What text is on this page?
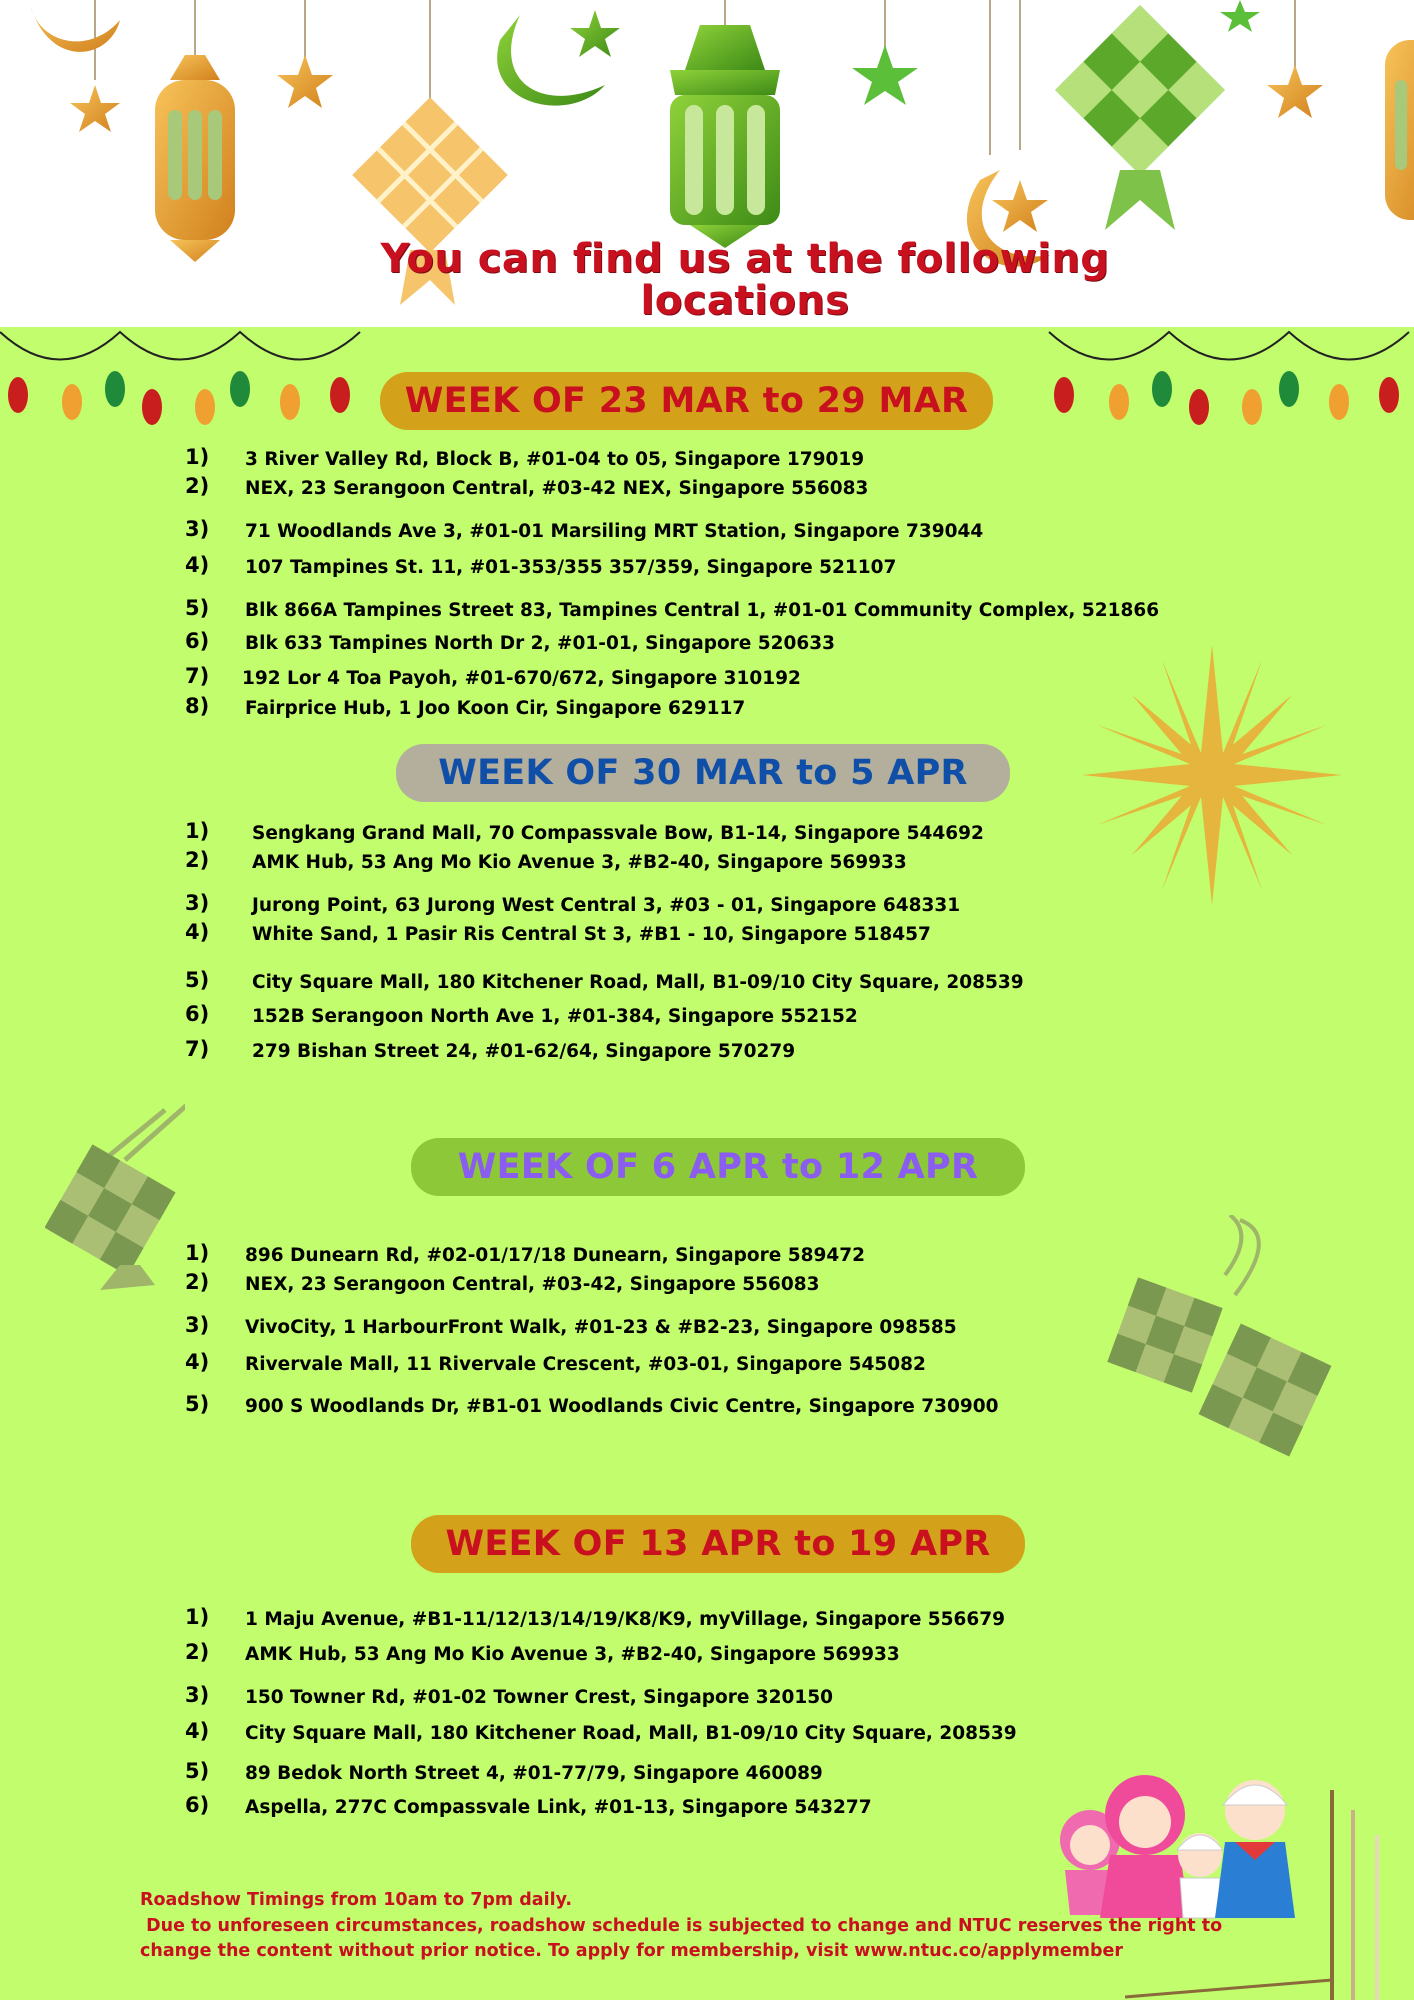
You can find us at the following locations
WEEK OF 23 MAR to 29 MAR
WEEK OF 30 MAR to 5 APR
WEEK OF 6 APR to 12 APR
WEEK OF 13 APR to 19 APR
1) 3 River Valley Rd, Block B, #01-04 to 05, Singapore 179019
2) NEX, 23 Serangoon Central, #03-42 NEX, Singapore 556083
3) 71 Woodlands Ave 3, #01-01 Marsiling MRT Station, Singapore 739044
4) 107 Tampines St. 11, #01-353/355 357/359, Singapore 521107
5) Blk 866A Tampines Street 83, Tampines Central 1, #01-01 Community Complex, 521866
6) Blk 633 Tampines North Dr 2, #01-01, Singapore 520633
7) 192 Lor 4 Toa Payoh, #01-670/672, Singapore 310192
8) Fairprice Hub, 1 Joo Koon Cir, Singapore 629117
1) Sengkang Grand Mall, 70 Compassvale Bow, B1-14, Singapore 544692
2) AMK Hub, 53 Ang Mo Kio Avenue 3, #B2-40, Singapore 569933
3) Jurong Point, 63 Jurong West Central 3, #03 - 01, Singapore 648331
4) White Sand, 1 Pasir Ris Central St 3, #B1 - 10, Singapore 518457
5) City Square Mall, 180 Kitchener Road, Mall, B1-09/10 City Square, 208539
6) 152B Serangoon North Ave 1, #01-384, Singapore 552152
7) 279 Bishan Street 24, #01-62/64, Singapore 570279
1) 896 Dunearn Rd, #02-01/17/18 Dunearn, Singapore 589472
2) NEX, 23 Serangoon Central, #03-42, Singapore 556083
3) VivoCity, 1 HarbourFront Walk, #01-23 & #B2-23, Singapore 098585
4) Rivervale Mall, 11 Rivervale Crescent, #03-01, Singapore 545082
5) 900 S Woodlands Dr, #B1-01 Woodlands Civic Centre, Singapore 730900
1) 1 Maju Avenue, #B1-11/12/13/14/19/K8/K9, myVillage, Singapore 556679
2) AMK Hub, 53 Ang Mo Kio Avenue 3, #B2-40, Singapore 569933
3) 150 Towner Rd, #01-02 Towner Crest, Singapore 320150
4) City Square Mall, 180 Kitchener Road, Mall, B1-09/10 City Square, 208539
5) 89 Bedok North Street 4, #01-77/79, Singapore 460089
6) Aspella, 277C Compassvale Link, #01-13, Singapore 543277
Roadshow Timings from 10am to 7pm daily.
Due to unforeseen circumstances, roadshow schedule is subjected to change and NTUC reserves the right to
change the content without prior notice. To apply for membership, visit www.ntuc.co/applymember
